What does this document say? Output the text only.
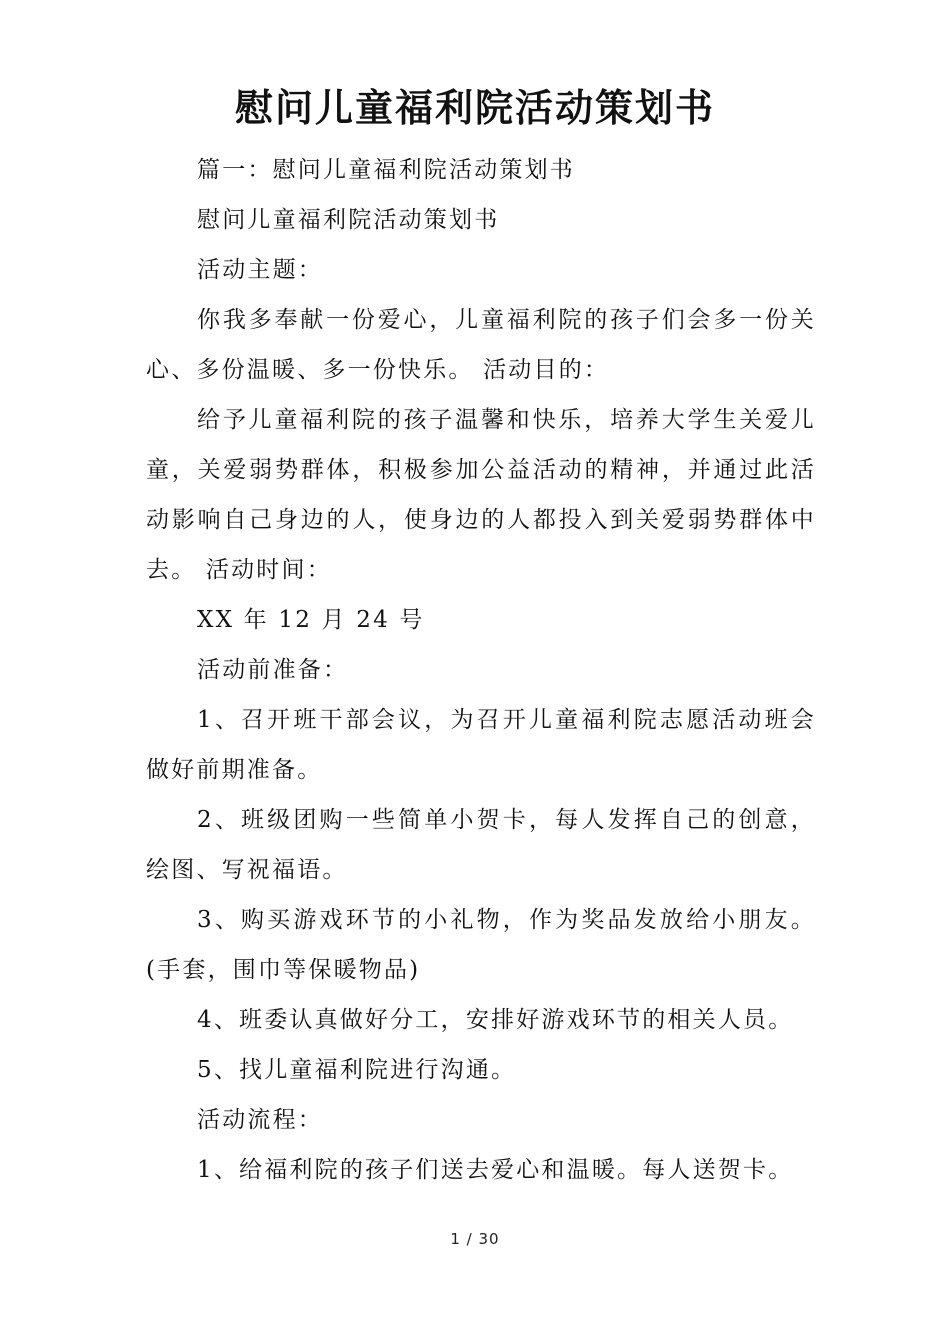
慰问儿童福利院活动策划书

篇一：慰问儿童福利院活动策划书

慰问儿童福利院活动策划书

活动主题：

你我多奉献一份爱心，儿童福利院的孩子们会多一份关心、多份温暖、多一份快乐。 活动目的：

给予儿童福利院的孩子温馨和快乐，培养大学生关爱儿童，关爱弱势群体，积极参加公益活动的精神，并通过此活动影响自己身边的人，使身边的人都投入到关爱弱势群体中去。 活动时间：

XX 年 12 月 24 号

活动前准备：

1、召开班干部会议，为召开儿童福利院志愿活动班会做好前期准备。

2、班级团购一些简单小贺卡，每人发挥自己的创意，绘图、写祝福语。

3、购买游戏环节的小礼物，作为奖品发放给小朋友。(手套，围巾等保暖物品)

4、班委认真做好分工，安排好游戏环节的相关人员。

5、找儿童福利院进行沟通。

活动流程：

1、给福利院的孩子们送去爱心和温暖。每人送贺卡。

1 / 30
